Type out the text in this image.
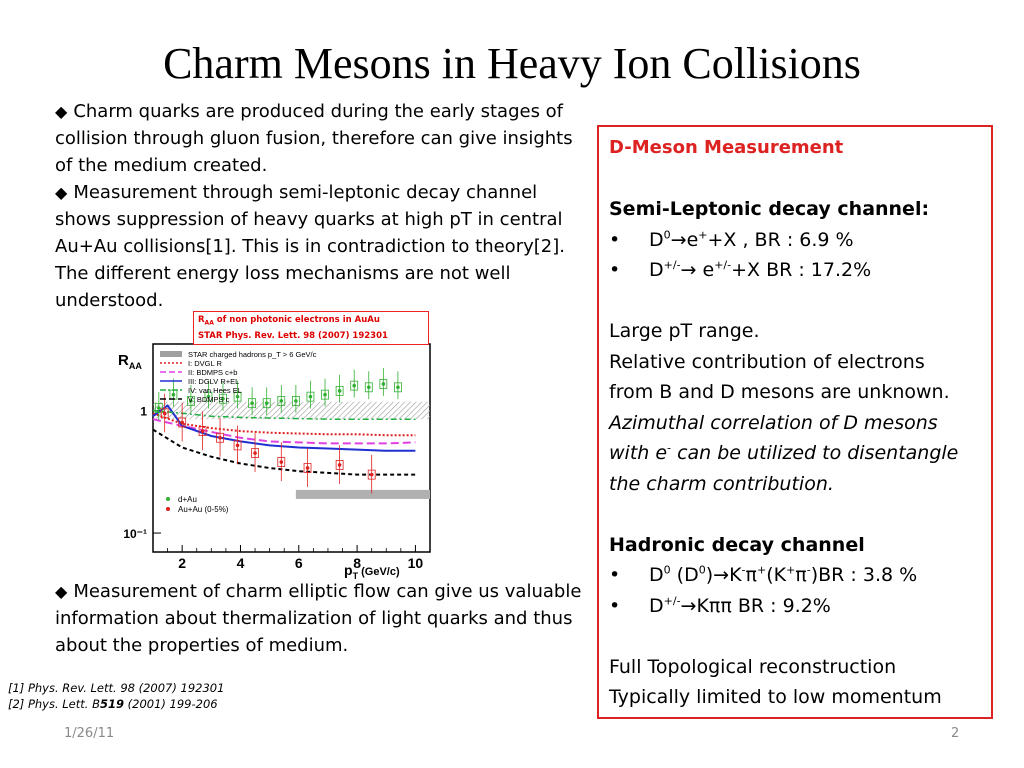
Charm Mesons in Heavy Ion Collisions

◆ Charm quarks are produced during the early stages of collision through gluon fusion, therefore can give insights of the medium created.

◆ Measurement through semi-leptonic decay channel shows suppression of heavy quarks at high pT in central Au+Au collisions[1]. This is in contradiction to theory[2]. The different energy loss mechanisms are not well understood.

2	4	6	8	10
1
10⁻¹
STAR charged hadrons p_T > 6 GeV/c
I: DVGL R
II: BDMPS c+b
III: DGLV R+EL
IV: van Hees EL
V: BDMPS c
d+Au
Au+Au (0-5%)
$R_{AA}$
$p_T$ $^{(GeV/c)}$
$R_{AA}$ of non photonic electrons in AuAu
STAR Phys. Rev. Lett. 98 (2007) 192301

◆ Measurement of charm elliptic flow can give us valuable information about thermalization of light quarks and thus about the properties of medium.

[1] Phys. Rev. Lett. 98 (2007) 192301
[2] Phys. Lett. B519 (2001) 199-206
1/26/11	2

D-Meson Measurement

Semi-Leptonic decay channel:

• $D^0\to e^++X$ , BR : 6.9 %

• D+/-→ e+/-+X BR : 17.2%

Large pT range.

Relative contribution of electrons

from B and D mesons are unknown.

Azimuthal correlation of D mesons

with e- can be utilized to disentangle

the charm contribution.

Hadronic decay channel

• $D^0$ $(D^0)\to K^-\pi^+(K^+\pi^-)BR$ : 3.8 %

• D+/-→Kππ BR : 9.2%

Full Topological reconstruction

Typically limited to low momentum
